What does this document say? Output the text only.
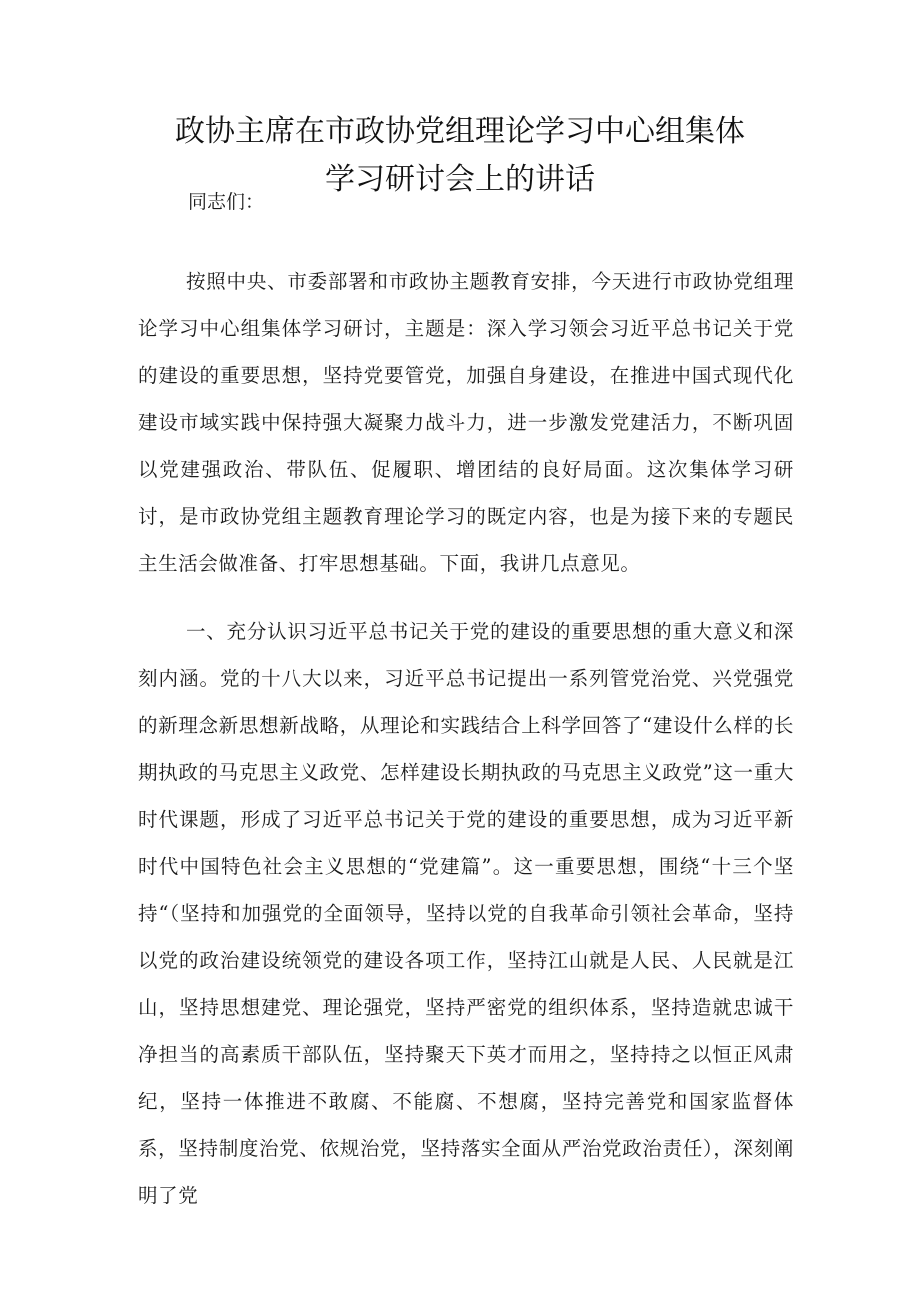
政协主席在市政协党组理论学习中心组集体
学习研讨会上的讲话
同志们：

按照中央、市委部署和市政协主题教育安排，今天进行市政协党组理论学习中心组集体学习研讨，主题是：深入学习领会习近平总书记关于党的建设的重要思想，坚持党要管党，加强自身建设，在推进中国式现代化建设市域实践中保持强大凝聚力战斗力，进一步激发党建活力，不断巩固以党建强政治、带队伍、促履职、增团结的良好局面。这次集体学习研讨，是市政协党组主题教育理论学习的既定内容，也是为接下来的专题民主生活会做准备、打牢思想基础。下面，我讲几点意见。

一、充分认识习近平总书记关于党的建设的重要思想的重大意义和深刻内涵。党的十八大以来，习近平总书记提出一系列管党治党、兴党强党的新理念新思想新战略，从理论和实践结合上科学回答了“建设什么样的长期执政的马克思主义政党、怎样建设长期执政的马克思主义政党”这一重大时代课题，形成了习近平总书记关于党的建设的重要思想，成为习近平新时代中国特色社会主义思想的“党建篇”。这一重要思想，围绕“十三个坚持“（坚持和加强党的全面领导，坚持以党的自我革命引领社会革命，坚持以党的政治建设统领党的建设各项工作，坚持江山就是人民、人民就是江山，坚持思想建党、理论强党，坚持严密党的组织体系，坚持造就忠诚干净担当的高素质干部队伍，坚持聚天下英才而用之，坚持持之以恒正风肃纪，坚持一体推进不敢腐、不能腐、不想腐，坚持完善党和国家监督体系，坚持制度治党、依规治党，坚持落实全面从严治党政治责任），深刻阐明了党
